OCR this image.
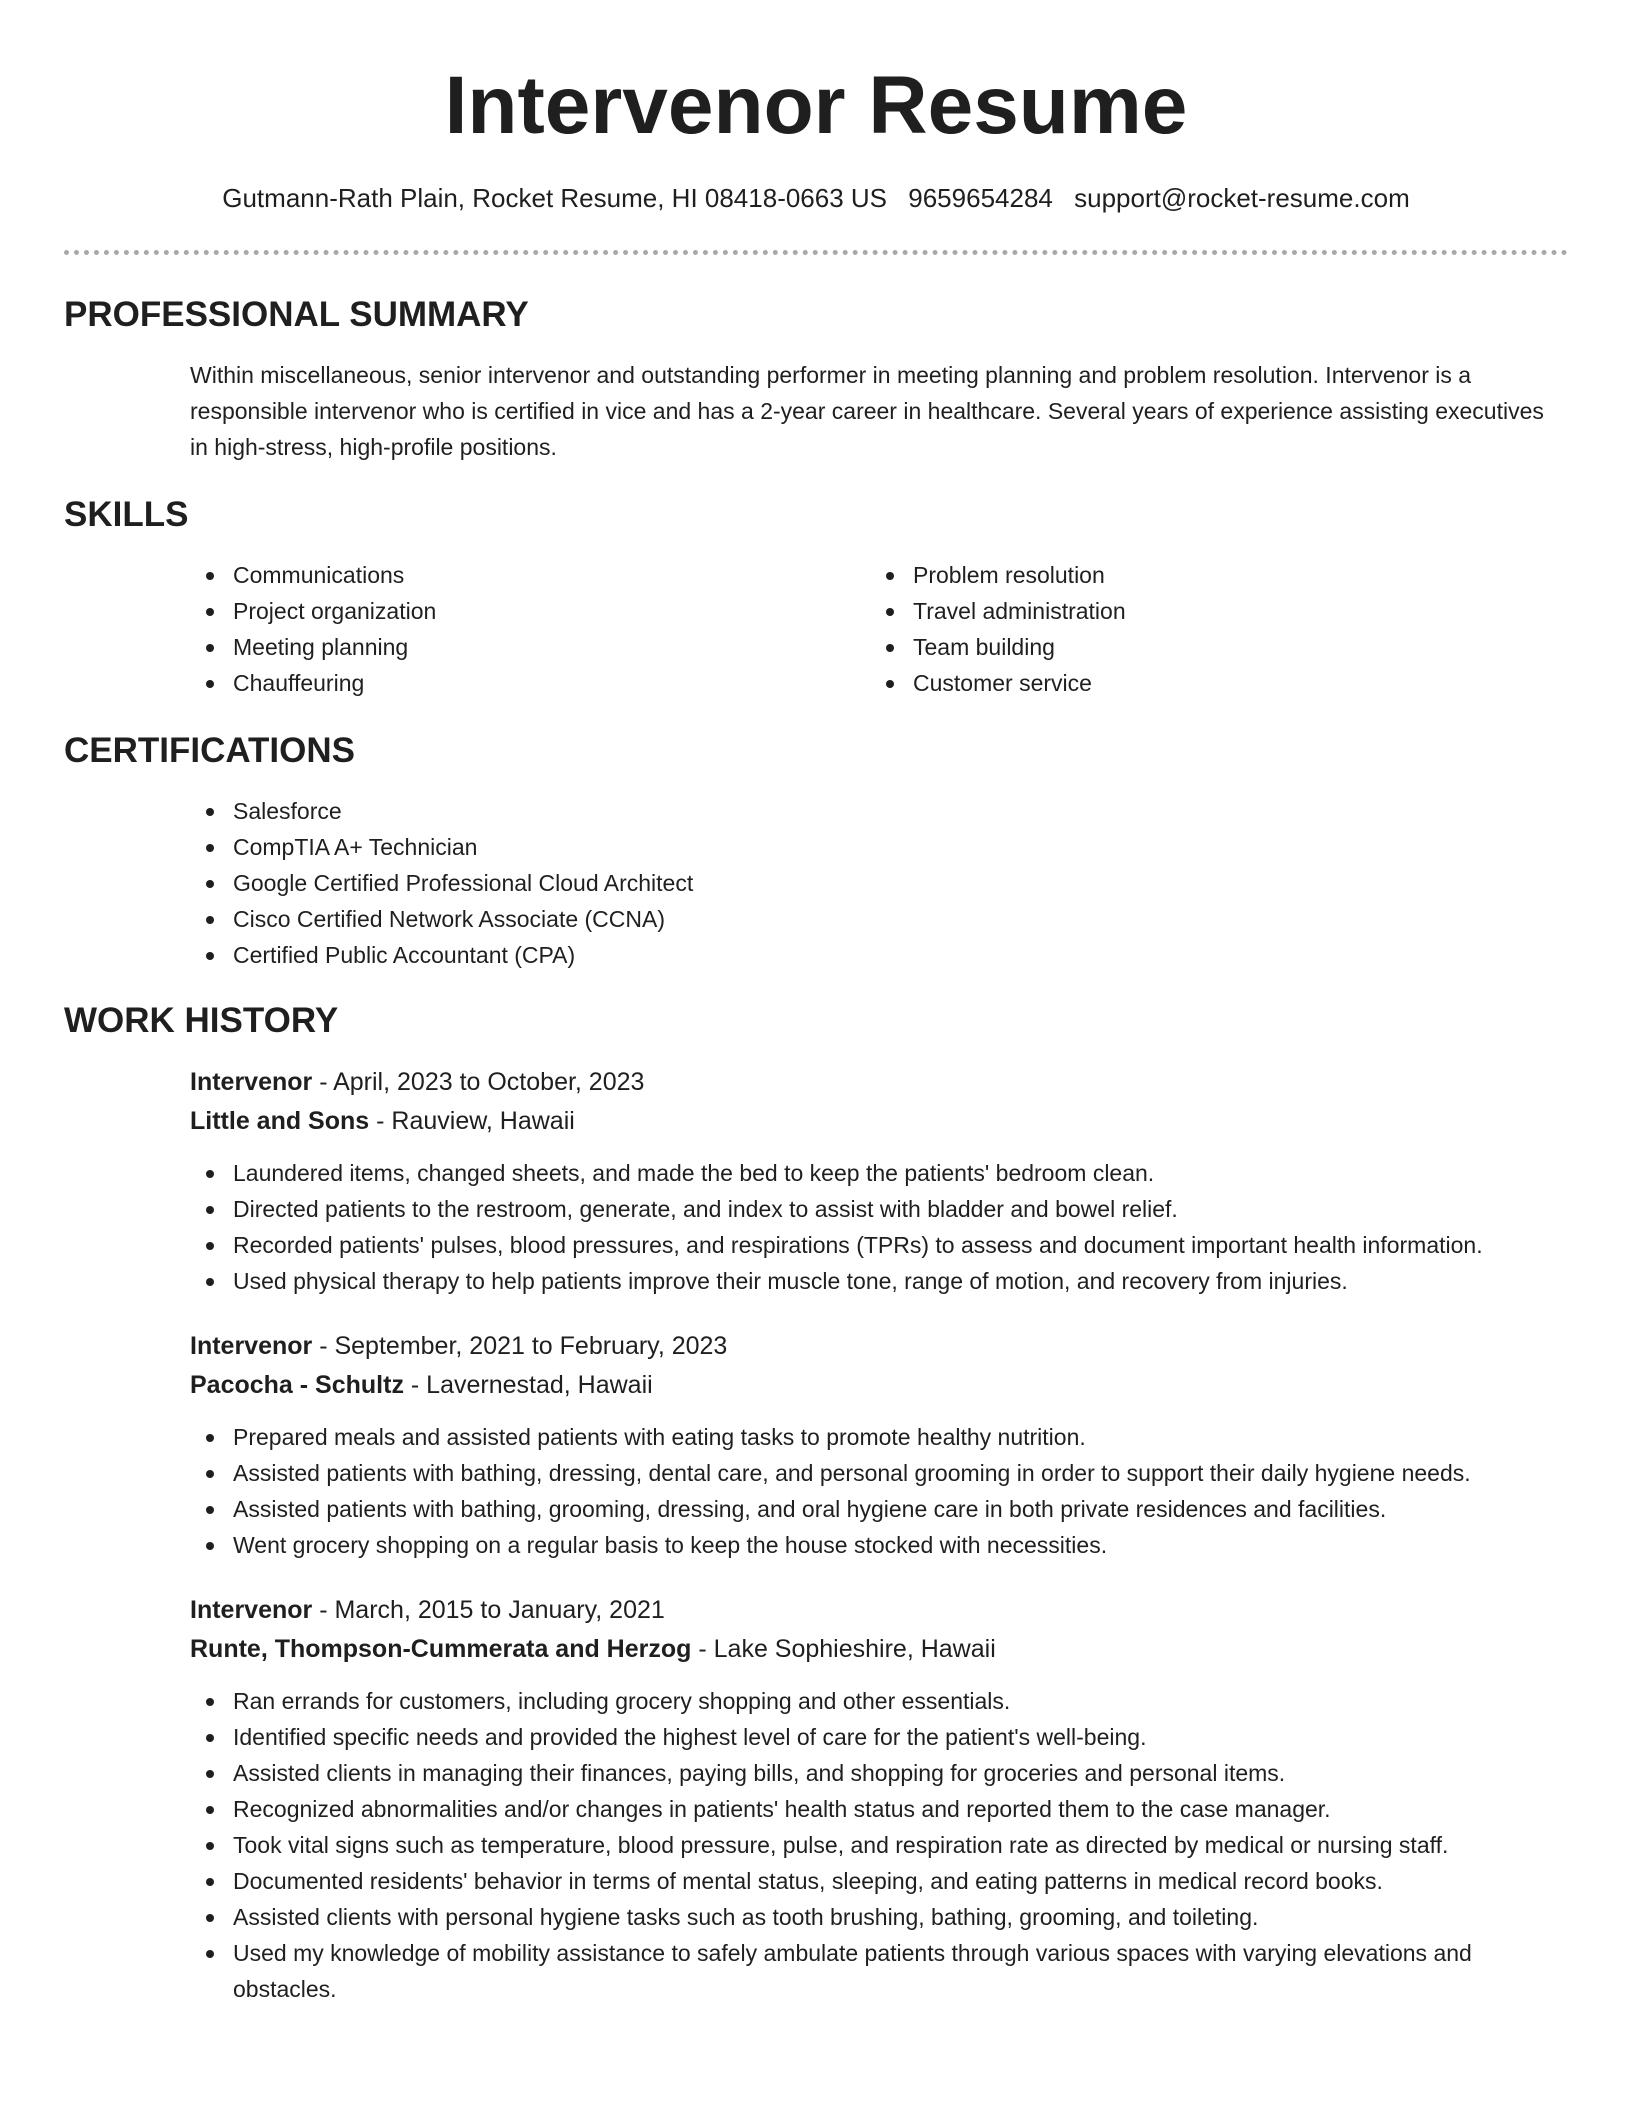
Intervenor Resume
Gutmann-Rath Plain, Rocket Resume, HI 08418-0663 US 9659654284 support@rocket-resume.com
PROFESSIONAL SUMMARY

Within miscellaneous, senior intervenor and outstanding performer in meeting planning and problem resolution. Intervenor is a responsible intervenor who is certified in vice and has a 2-year career in healthcare. Several years of experience assisting executives in high-stress, high-profile positions.

SKILLS
Communications
Project organization
Meeting planning
Chauffeuring
Problem resolution
Travel administration
Team building
Customer service
CERTIFICATIONS
Salesforce
CompTIA A+ Technician
Google Certified Professional Cloud Architect
Cisco Certified Network Associate (CCNA)
Certified Public Accountant (CPA)
WORK HISTORY

Intervenor - April, 2023 to October, 2023

Little and Sons - Rauview, Hawaii

Laundered items, changed sheets, and made the bed to keep the patients' bedroom clean.
Directed patients to the restroom, generate, and index to assist with bladder and bowel relief.
Recorded patients' pulses, blood pressures, and respirations (TPRs) to assess and document important health information.
Used physical therapy to help patients improve their muscle tone, range of motion, and recovery from injuries.

Intervenor - September, 2021 to February, 2023

Pacocha - Schultz - Lavernestad, Hawaii

Prepared meals and assisted patients with eating tasks to promote healthy nutrition.
Assisted patients with bathing, dressing, dental care, and personal grooming in order to support their daily hygiene needs.
Assisted patients with bathing, grooming, dressing, and oral hygiene care in both private residences and facilities.
Went grocery shopping on a regular basis to keep the house stocked with necessities.

Intervenor - March, 2015 to January, 2021

Runte, Thompson-Cummerata and Herzog - Lake Sophieshire, Hawaii

Ran errands for customers, including grocery shopping and other essentials.
Identified specific needs and provided the highest level of care for the patient's well-being.
Assisted clients in managing their finances, paying bills, and shopping for groceries and personal items.
Recognized abnormalities and/or changes in patients' health status and reported them to the case manager.
Took vital signs such as temperature, blood pressure, pulse, and respiration rate as directed by medical or nursing staff.
Documented residents' behavior in terms of mental status, sleeping, and eating patterns in medical record books.
Assisted clients with personal hygiene tasks such as tooth brushing, bathing, grooming, and toileting.
Used my knowledge of mobility assistance to safely ambulate patients through various spaces with varying elevations and obstacles.
